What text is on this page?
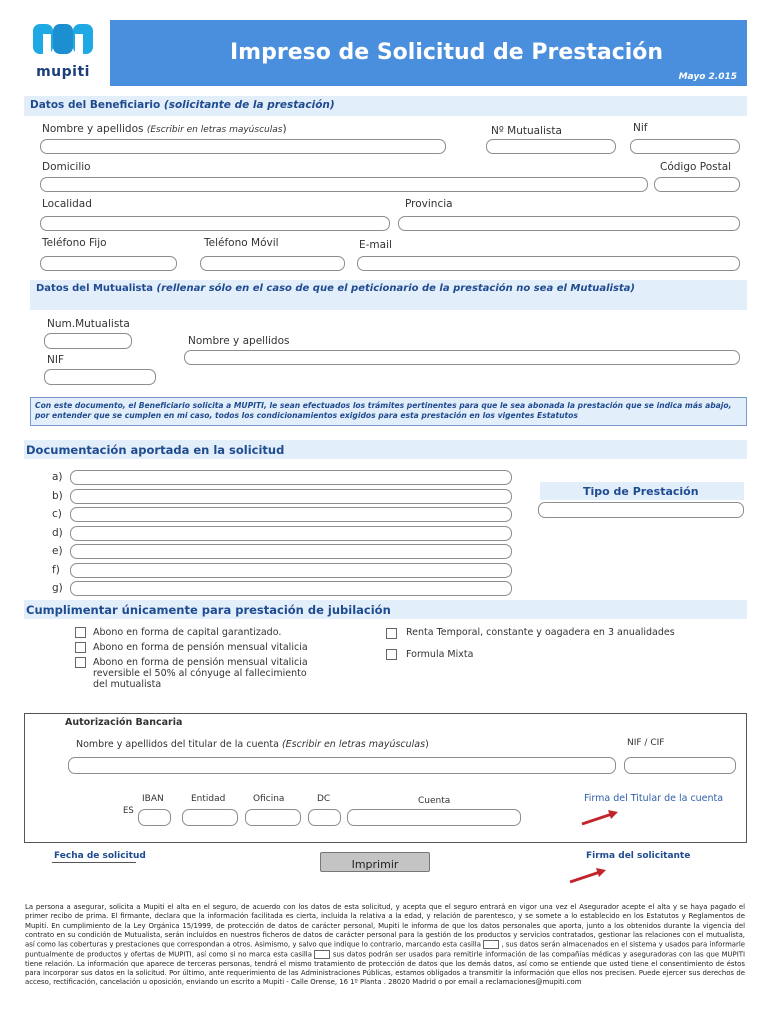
mupiti
Impreso de Solicitud de Prestación
Mayo 2.015
Datos del Beneficiario (solicitante de la prestación)
Nombre y apellidos (Escribir en letras mayúsculas)	Nº Mutualista	Nif
Domicilio	Código Postal
Localidad	Provincia
Teléfono Fijo	Teléfono Móvil	E-mail
Datos del Mutualista (rellenar sólo en el caso de que el peticionario de la prestación no sea el Mutualista)
Num.Mutualista
Nombre y apellidos
NIF
Con este documento, el Beneficiario solicita a MUPITI, le sean efectuados los trámites pertinentes para que le sea abonada la prestación que se indica más abajo, por entender que se cumplen en mi caso, todos los condicionamientos exigidos para esta prestación en los vigentes Estatutos
Documentación aportada en la solicitud
a)
b)
c)
d)
e)
f)
g)
Tipo de Prestación
Cumplimentar únicamente para prestación de jubilación
Abono en forma de capital garantizado.
Abono en forma de pensión mensual vitalicia
Abono en forma de pensión mensual vitalicia reversible el 50% al cónyuge al fallecimiento del mutualista
Renta Temporal, constante y oagadera en 3 anualidades
Formula Mixta
Autorización Bancaria
Nombre y apellidos del titular de la cuenta (Escribir en letras mayúsculas)	NIF / CIF
IBAN	Entidad	Oficina	DC	Cuenta
ES
Firma del Titular de la cuenta
Fecha de solicitud
Imprimir
Firma del solicitante
La persona a asegurar, solicita a Mupiti el alta en el seguro, de acuerdo con los datos de esta solicitud, y acepta que el seguro entrará en vigor una vez el Asegurador acepte el alta y se haya pagado el primer recibo de prima. El firmante, declara que la información facilitada es cierta, incluida la relativa a la edad, y relación de parentesco, y se somete a lo establecido en los Estatutos y Reglamentos de Mupiti. En cumplimiento de la Ley Orgánica 15/1999, de protección de datos de carácter personal, Mupiti le informa de que los datos personales que aporta, junto a los obtenidos durante la vigencia del contrato en su condición de Mutualista, serán incluidos en nuestros ficheros de datos de carácter personal para la gestión de los productos y servicios contratados, gestionar las relaciones con el mutualista, así como las coberturas y prestaciones que correspondan a otros. Asimismo, y salvo que indique lo contrario, marcando esta casilla	, sus datos serán almacenados en el sistema y usados para informarle puntualmente de productos y ofertas de MUPITI, así como si no marca esta casilla	sus datos podrán ser usados para remitirle información de las compañías médicas y aseguradoras con las que MUPITI tiene relación. La información que aparece de terceras personas, tendrá el mismo tratamiento de protección de datos que los demás datos, así como se entiende que usted tiene el consentimiento de éstos para incorporar sus datos en la solicitud. Por último, ante requerimiento de las Administraciones Públicas, estamos obligados a transmitir la información que ellos nos precisen. Puede ejercer sus derechos de acceso, rectificación, cancelación u oposición, enviando un escrito a Mupiti - Calle Orense, 16 1º Planta . 28020 Madrid o por email a reclamaciones@mupiti.com
